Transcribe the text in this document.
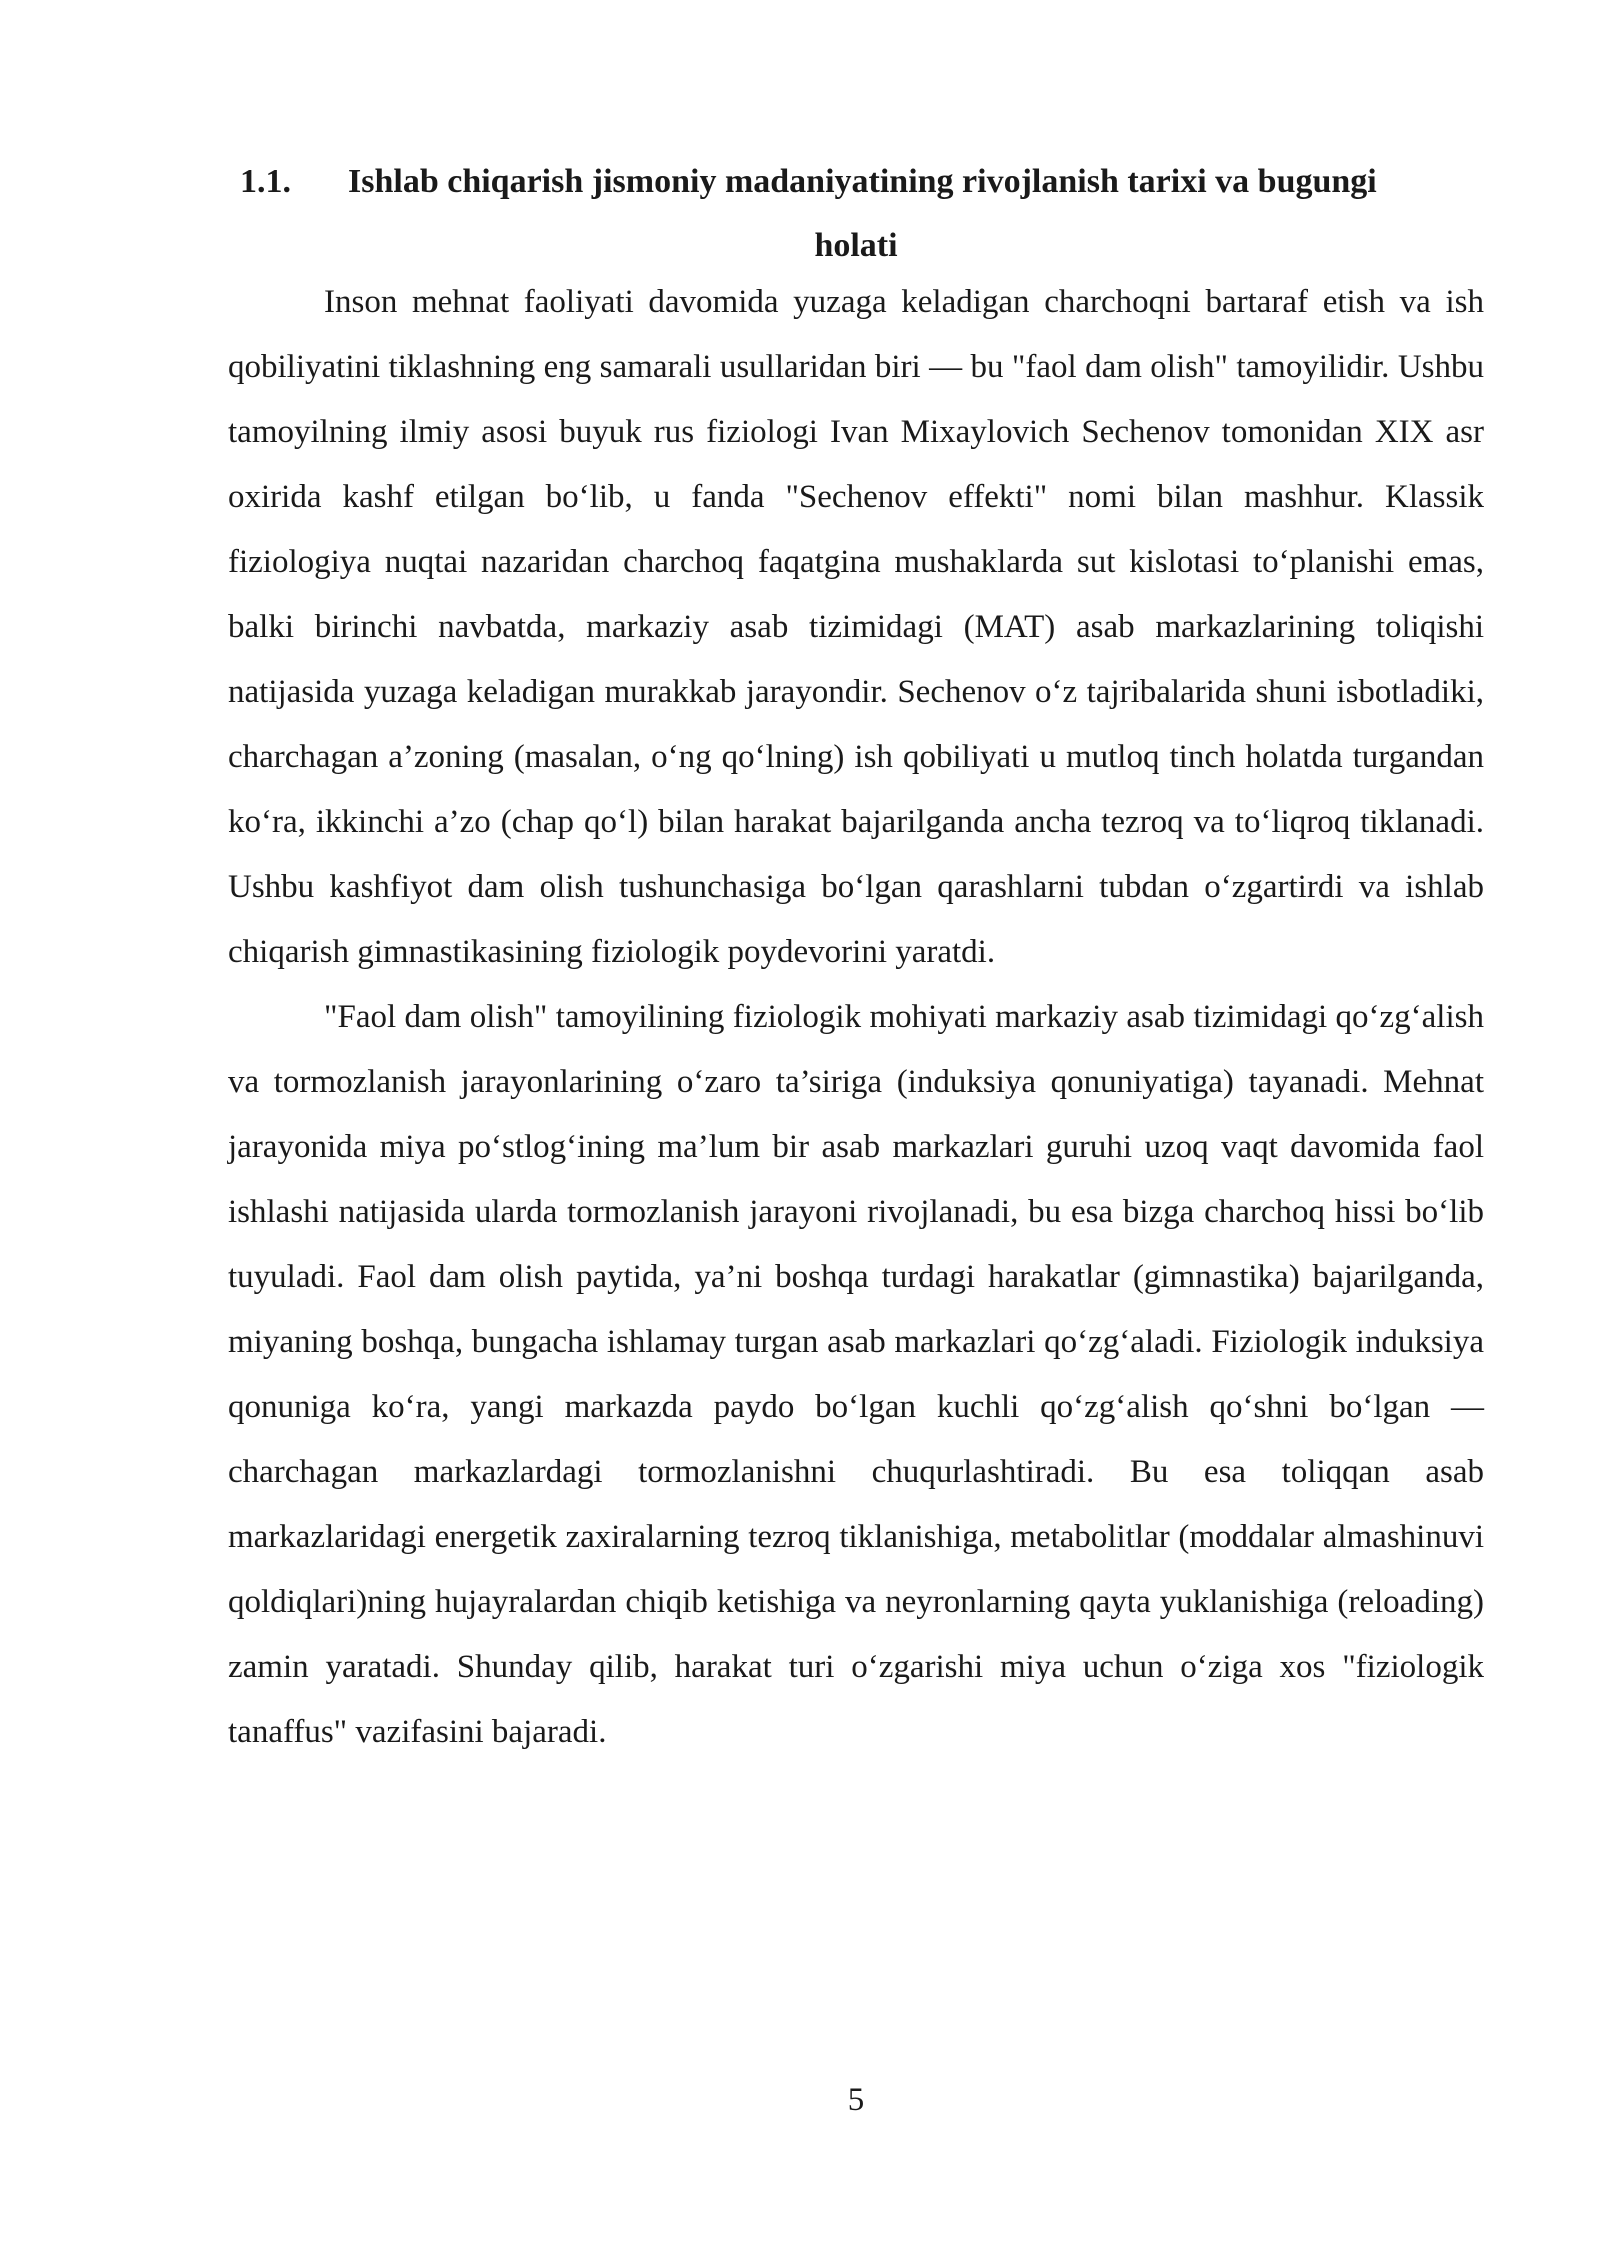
1.1. Ishlab chiqarish jismoniy madaniyatining rivojlanish tarixi va bugungi
holati

Inson mehnat faoliyati davomida yuzaga keladigan charchoqni bartaraf etish va ish qobiliyatini tiklashning eng samarali usullaridan biri — bu "faol dam olish" tamoyilidir. Ushbu tamoyilning ilmiy asosi buyuk rus fiziologi Ivan Mixaylovich Sechenov tomonidan XIX asr oxirida kashf etilgan bo‘lib, u fanda "Sechenov effekti" nomi bilan mashhur. Klassik fiziologiya nuqtai nazaridan charchoq faqatgina mushaklarda sut kislotasi to‘planishi emas, balki birinchi navbatda, markaziy asab tizimidagi (MAT) asab markazlarining toliqishi natijasida yuzaga keladigan murakkab jarayondir. Sechenov o‘z tajribalarida shuni isbotladiki, charchagan a’zoning (masalan, o‘ng qo‘lning) ish qobiliyati u mutloq tinch holatda turgandan ko‘ra, ikkinchi a’zo (chap qo‘l) bilan harakat bajarilganda ancha tezroq va to‘liqroq tiklanadi. Ushbu kashfiyot dam olish tushunchasiga bo‘lgan qarashlarni tubdan o‘zgartirdi va ishlab chiqarish gimnastikasining fiziologik poydevorini yaratdi.

"Faol dam olish" tamoyilining fiziologik mohiyati markaziy asab tizimidagi qo‘zg‘alish va tormozlanish jarayonlarining o‘zaro ta’siriga (induksiya qonuniyatiga) tayanadi. Mehnat jarayonida miya po‘stlog‘ining ma’lum bir asab markazlari guruhi uzoq vaqt davomida faol ishlashi natijasida ularda tormozlanish jarayoni rivojlanadi, bu esa bizga charchoq hissi bo‘lib tuyuladi. Faol dam olish paytida, ya’ni boshqa turdagi harakatlar (gimnastika) bajarilganda, miyaning boshqa, bungacha ishlamay turgan asab markazlari qo‘zg‘aladi. Fiziologik induksiya qonuniga ko‘ra, yangi markazda paydo bo‘lgan kuchli qo‘zg‘alish qo‘shni bo‘lgan — charchagan markazlardagi tormozlanishni chuqurlashtiradi. Bu esa toliqqan asab markazlaridagi energetik zaxiralarning tezroq tiklanishiga, metabolitlar (moddalar almashinuvi qoldiqlari)ning hujayralardan chiqib ketishiga va neyronlarning qayta yuklanishiga (reloading) zamin yaratadi. Shunday qilib, harakat turi o‘zgarishi miya uchun o‘ziga xos "fiziologik tanaffus" vazifasini bajaradi.

5
